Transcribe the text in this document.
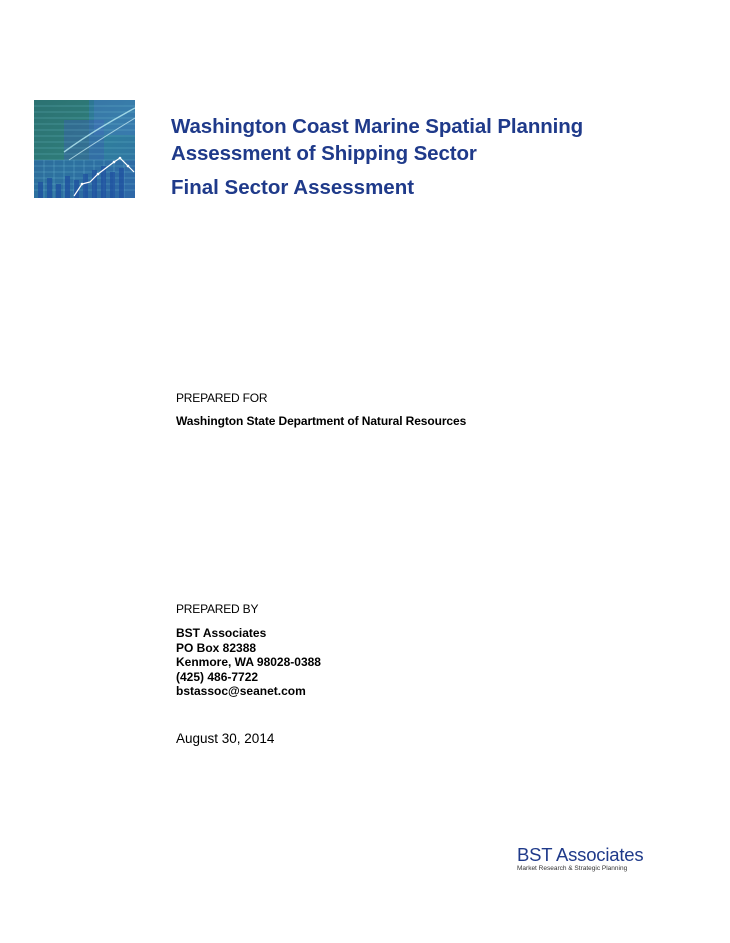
Washington Coast Marine Spatial Planning
Assessment of Shipping Sector
Final Sector Assessment
PREPARED FOR
Washington State Department of Natural Resources
PREPARED BY
BST Associates
PO Box 82388
Kenmore, WA 98028-0388
(425) 486-7722
bstassoc@seanet.com
August 30, 2014
BST Associates
Market Research & Strategic Planning
